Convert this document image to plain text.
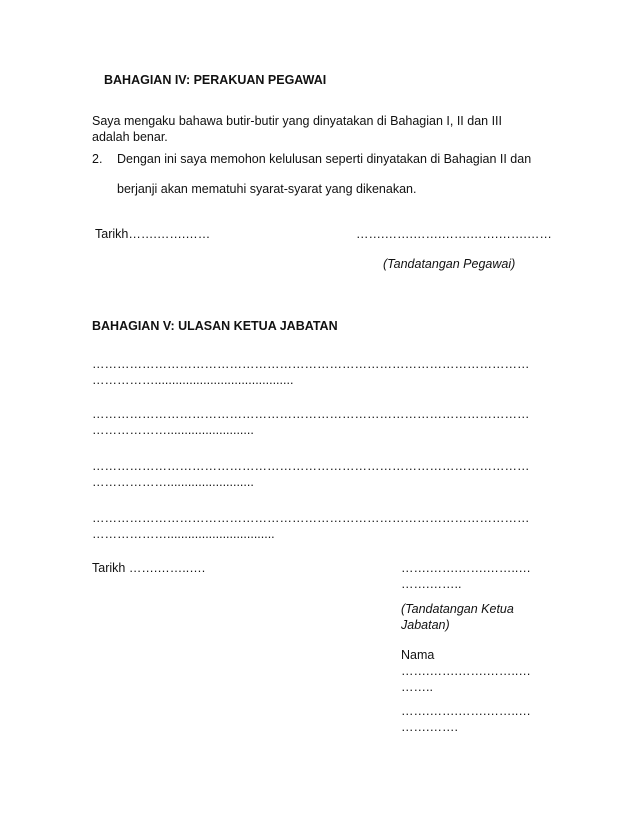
BAHAGIAN IV: PERAKUAN PEGAWAI
Saya mengaku bahawa butir-butir yang dinyatakan di Bahagian I, II dan III
adalah benar.
2. Dengan ini saya memohon kelulusan seperti dinyatakan di Bahagian II dan
berjanji akan mematuhi syarat-syarat yang dikenakan.
Tarikh…….…….……	…….…….…….…….…….…….……
(Tandatangan Pegawai)
BAHAGIAN V: ULASAN KETUA JABATAN
……………………………………………………………………………………………
……………........................................
……………………………………………………………………………………………
……………….........................
……………………………………………………………………………………………
……………….........................
……………………………………………………………………………………………
………………...............................
Tarikh …….……..….	…….…….…….……..…
…….……..
(Tandatangan Ketua
Jabatan)
Nama
…….…….…….……..…
……..
…….…….…….……..…
…….…….
